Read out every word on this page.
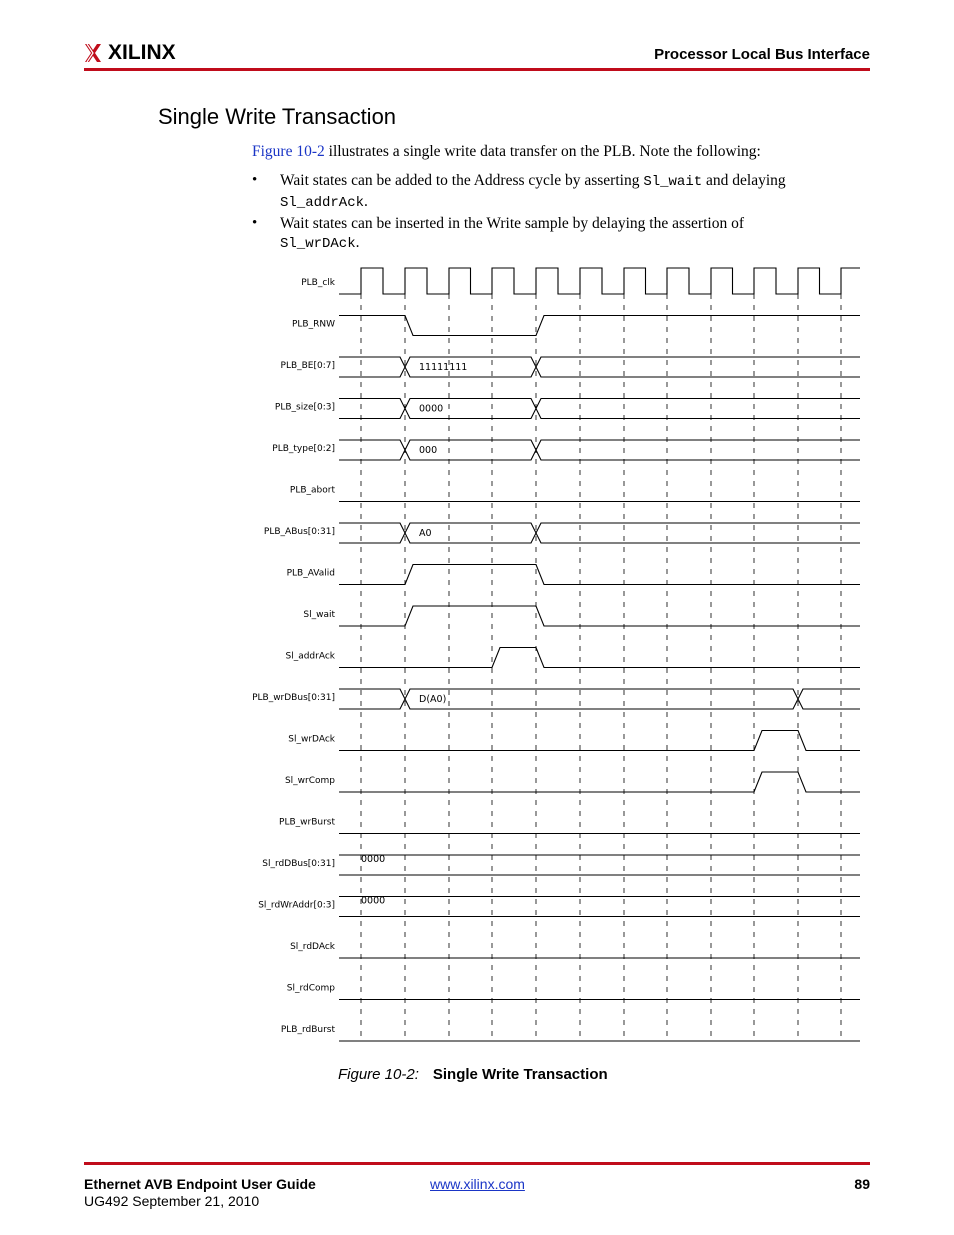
XILINX	Processor Local Bus Interface
Single Write Transaction
Figure 10-2 illustrates a single write data transfer on the PLB. Note the following:
• Wait states can be added to the Address cycle by asserting Sl_wait and delaying
Sl_addrAck.
• Wait states can be inserted in the Write sample by delaying the assertion of
Sl_wrDAck.
PLB_clk
PLB_RNW
PLB_BE[0:7]	11111111
PLB_size[0:3]	0000
PLB_type[0:2]	000
PLB_abort
PLB_ABus[0:31]	A0
PLB_AValid
Sl_wait
Sl_addrAck
PLB_wrDBus[0:31]	D(A0)
Sl_wrDAck
Sl_wrComp
PLB_wrBurst
Sl_rdDBus[0:31]	0000
Sl_rdWrAddr[0:3]	0000
Sl_rdDAck
Sl_rdComp
PLB_rdBurst
Figure 10-2: Single Write Transaction
Ethernet AVB Endpoint User Guide
UG492 September 21, 2010
www.xilinx.com	89
